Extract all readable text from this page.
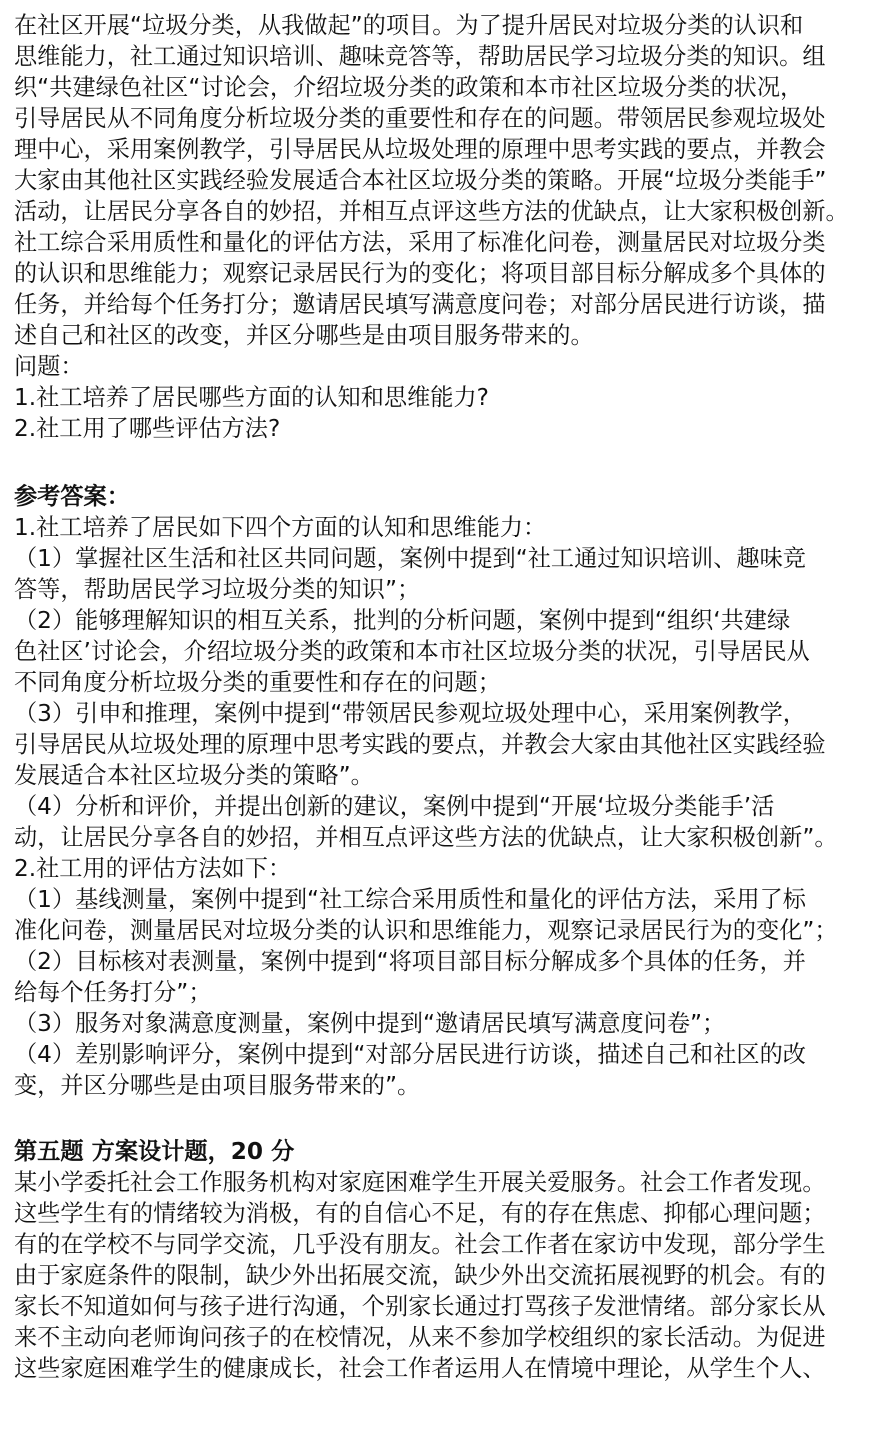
在社区开展“垃圾分类，从我做起”的项目。为了提升居民对垃圾分类的认识和
思维能力，社工通过知识培训、趣味竞答等，帮助居民学习垃圾分类的知识。组
织“共建绿色社区“讨论会，介绍垃圾分类的政策和本市社区垃圾分类的状况，
引导居民从不同角度分析垃圾分类的重要性和存在的问题。带领居民参观垃圾处
理中心，采用案例教学，引导居民从垃圾处理的原理中思考实践的要点，并教会
大家由其他社区实践经验发展适合本社区垃圾分类的策略。开展“垃圾分类能手”
活动，让居民分享各自的妙招，并相互点评这些方法的优缺点，让大家积极创新。
社工综合采用质性和量化的评估方法，采用了标准化问卷，测量居民对垃圾分类
的认识和思维能力；观察记录居民行为的变化；将项目部目标分解成多个具体的
任务，并给每个任务打分；邀请居民填写满意度问卷；对部分居民进行访谈，描
述自己和社区的改变，并区分哪些是由项目服务带来的。
问题：
1.社工培养了居民哪些方面的认知和思维能力?
2.社工用了哪些评估方法?
参考答案：
1.社工培养了居民如下四个方面的认知和思维能力：
（1）掌握社区生活和社区共同问题，案例中提到“社工通过知识培训、趣味竞
答等，帮助居民学习垃圾分类的知识”；
（2）能够理解知识的相互关系，批判的分析问题，案例中提到“组织‘共建绿
色社区’讨论会，介绍垃圾分类的政策和本市社区垃圾分类的状况，引导居民从
不同角度分析垃圾分类的重要性和存在的问题；
（3）引申和推理，案例中提到“带领居民参观垃圾处理中心，采用案例教学，
引导居民从垃圾处理的原理中思考实践的要点，并教会大家由其他社区实践经验
发展适合本社区垃圾分类的策略”。
（4）分析和评价，并提出创新的建议，案例中提到“开展‘垃圾分类能手’活
动，让居民分享各自的妙招，并相互点评这些方法的优缺点，让大家积极创新”。
2.社工用的评估方法如下：
（1）基线测量，案例中提到“社工综合采用质性和量化的评估方法，采用了标
准化问卷，测量居民对垃圾分类的认识和思维能力，观察记录居民行为的变化”；
（2）目标核对表测量，案例中提到“将项目部目标分解成多个具体的任务，并
给每个任务打分”；
（3）服务对象满意度测量，案例中提到“邀请居民填写满意度问卷”；
（4）差别影响评分，案例中提到“对部分居民进行访谈，描述自己和社区的改
变，并区分哪些是由项目服务带来的”。
第五题 方案设计题，20 分
某小学委托社会工作服务机构对家庭困难学生开展关爱服务。社会工作者发现。
这些学生有的情绪较为消极，有的自信心不足，有的存在焦虑、抑郁心理问题；
有的在学校不与同学交流，几乎没有朋友。社会工作者在家访中发现，部分学生
由于家庭条件的限制，缺少外出拓展交流，缺少外出交流拓展视野的机会。有的
家长不知道如何与孩子进行沟通，个别家长通过打骂孩子发泄情绪。部分家长从
来不主动向老师询问孩子的在校情况，从来不参加学校组织的家长活动。为促进
这些家庭困难学生的健康成长，社会工作者运用人在情境中理论，从学生个人、
